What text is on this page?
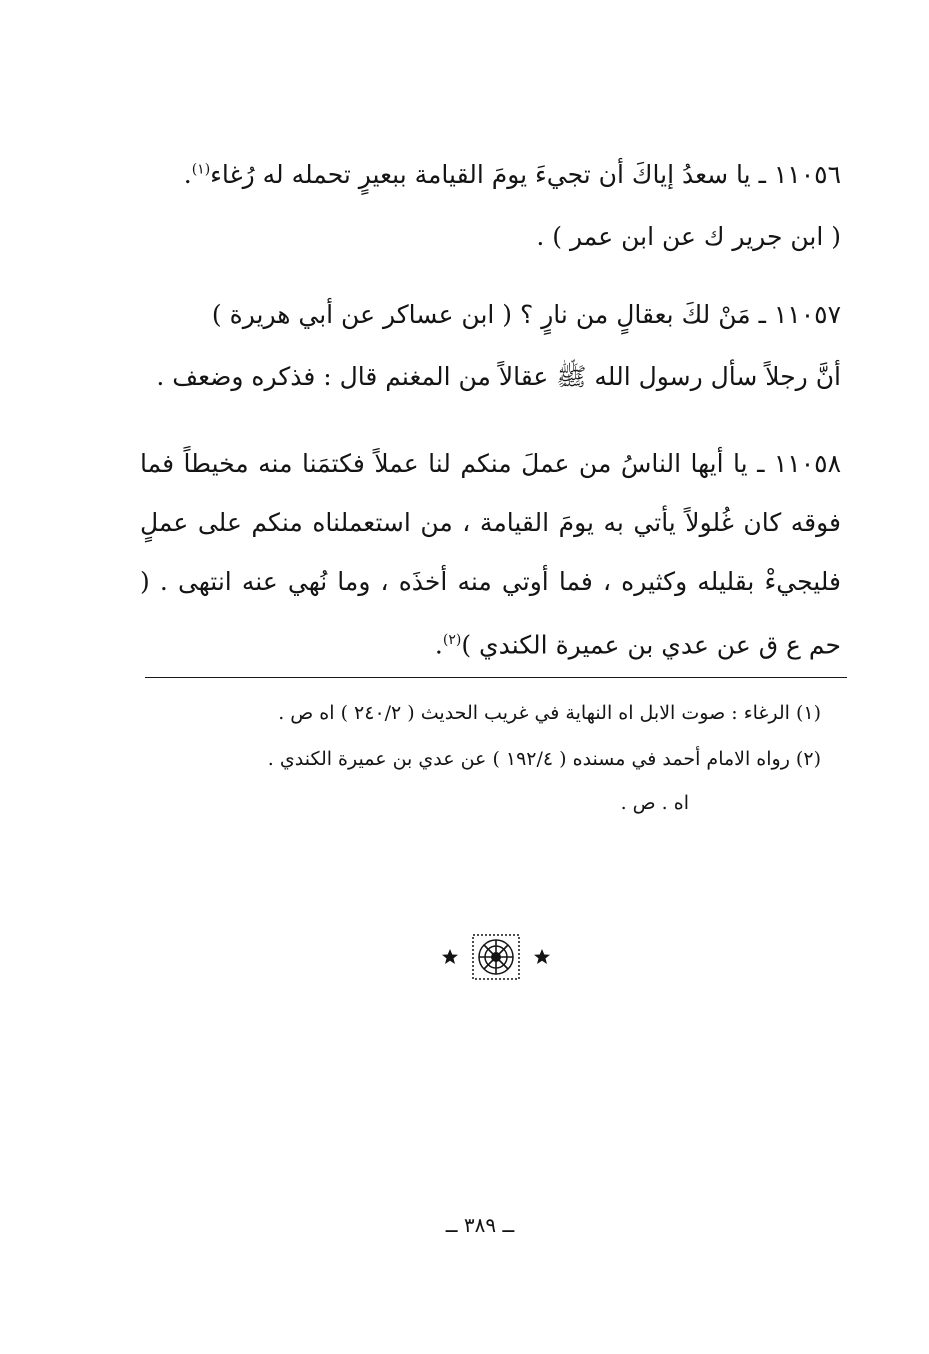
١١٠٥٦ ـ يا سعدُ إياكَ أن تجيءَ يومَ القيامة ببعيرٍ تحمله له رُغاء$^{(١)}$.
( ابن جرير ك عن ابن عمر ) .
١١٠٥٧ ـ مَنْ لكَ بعقالٍ من نارٍ ؟ ( ابن عساكر عن أبي هريرة )
أنَّ رجلاً سأل رسول الله ﷺ عقالاً من المغنم قال : فذكره وضعف .

١١٠٥٨ ـ يا أيها الناسُ من عملَ منكم لنا عملاً فكتمَنا منه مخيطاً فما فوقه كان غُلولاً يأتي به يومَ القيامة ، من استعملناه منكم على عملٍ فليجيءْ بقليله وكثيره ، فما أوتي منه أخذَه ، وما نُهي عنه انتهى . ( حم ع ق عن عدي بن عميرة الكندي )$^{(٢)}$.

(١) الرغاء : صوت الابل اه النهاية في غريب الحديث ( ٢٤٠/٢ ) اه ص .
(٢) رواه الامام أحمد في مسنده ( ١٩٢/٤ ) عن عدي بن عميرة الكندي .
اه . ص .
ــ ٣٨٩ ــ
